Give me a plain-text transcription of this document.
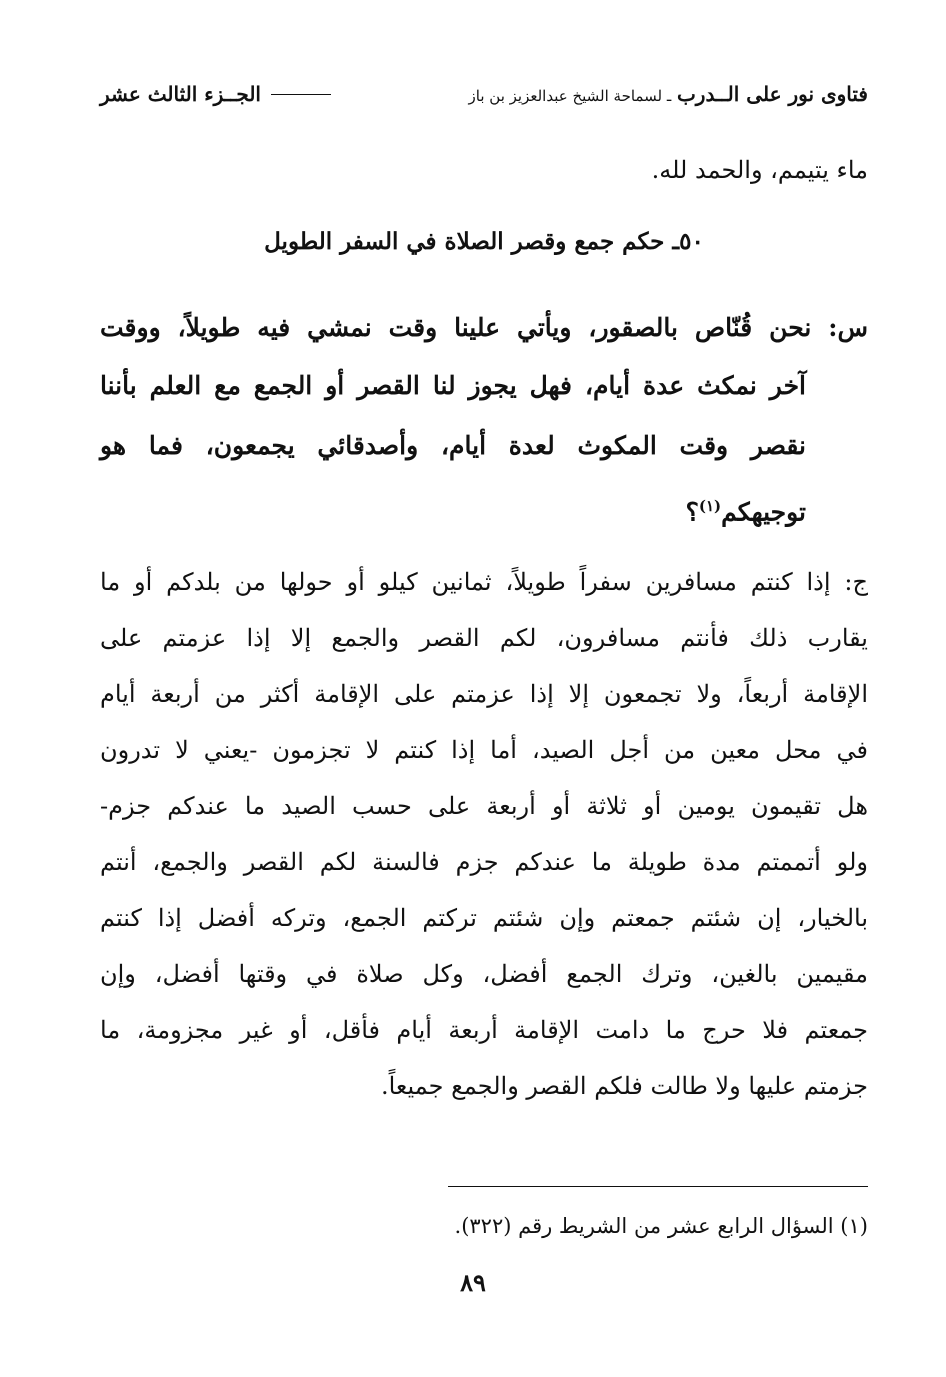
فتاوى نور على الــدرب ـ لسماحة الشيخ عبدالعزيز بن باز
الجــزء الثالث عشر
ماء يتيمم، والحمد لله.
٥٠ـ حكم جمع وقصر الصلاة في السفر الطويل
س: نحن قُنّاص بالصقور، ويأتي علينا وقت نمشي فيه طويلاً، ووقت
آخر نمكث عدة أيام، فهل يجوز لنا القصر أو الجمع مع العلم بأننا
نقصر وقت المكوث لعدة أيام، وأصدقائي يجمعون، فما هو
توجيهكم$^{(١)}$؟
ج: إذا كنتم مسافرين سفراً طويلاً، ثمانين كيلو أو حولها من بلدكم أو ما
يقارب ذلك فأنتم مسافرون، لكم القصر والجمع إلا إذا عزمتم على
الإقامة أربعاً، ولا تجمعون إلا إذا عزمتم على الإقامة أكثر من أربعة أيام
في محل معين من أجل الصيد، أما إذا كنتم لا تجزمون -يعني لا تدرون
هل تقيمون يومين أو ثلاثة أو أربعة على حسب الصيد ما عندكم جزم-
ولو أتممتم مدة طويلة ما عندكم جزم فالسنة لكم القصر والجمع، أنتم
بالخيار، إن شئتم جمعتم وإن شئتم تركتم الجمع، وتركه أفضل إذا كنتم
مقيمين بالغين، وترك الجمع أفضل، وكل صلاة في وقتها أفضل، وإن
جمعتم فلا حرج ما دامت الإقامة أربعة أيام فأقل، أو غير مجزومة، ما
جزمتم عليها ولا طالت فلكم القصر والجمع جميعاً.
(١) السؤال الرابع عشر من الشريط رقم (٣٢٢).
٨٩
